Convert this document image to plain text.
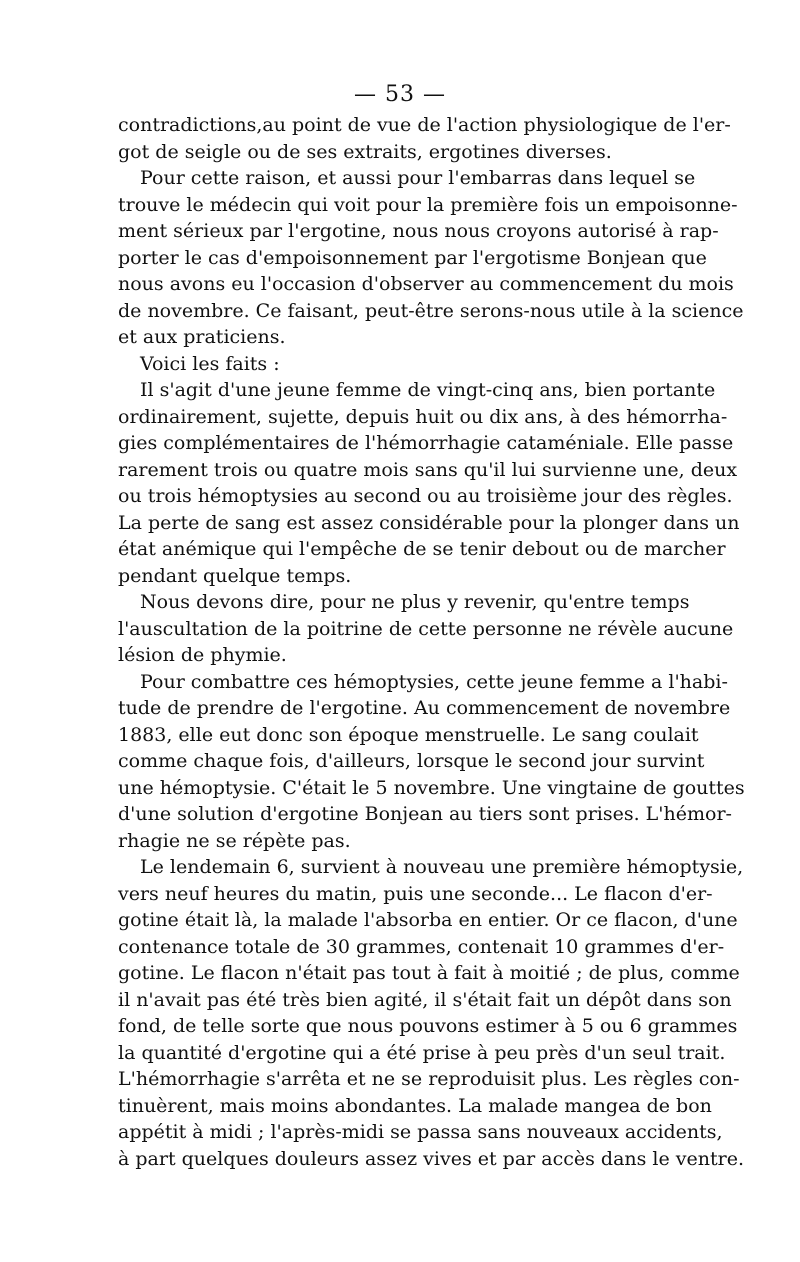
— 53 —
contradictions,au point de vue de l'action physiologique de l'er-
got de seigle ou de ses extraits, ergotines diverses.
Pour cette raison, et aussi pour l'embarras dans lequel se
trouve le médecin qui voit pour la première fois un empoisonne-
ment sérieux par l'ergotine, nous nous croyons autorisé à rap-
porter le cas d'empoisonnement par l'ergotisme Bonjean que
nous avons eu l'occasion d'observer au commencement du mois
de novembre. Ce faisant, peut-être serons-nous utile à la science
et aux praticiens.
Voici les faits :
Il s'agit d'une jeune femme de vingt-cinq ans, bien portante
ordinairement, sujette, depuis huit ou dix ans, à des hémorrha-
gies complémentaires de l'hémorrhagie cataméniale. Elle passe
rarement trois ou quatre mois sans qu'il lui survienne une, deux
ou trois hémoptysies au second ou au troisième jour des règles.
La perte de sang est assez considérable pour la plonger dans un
état anémique qui l'empêche de se tenir debout ou de marcher
pendant quelque temps.
Nous devons dire, pour ne plus y revenir, qu'entre temps
l'auscultation de la poitrine de cette personne ne révèle aucune
lésion de phymie.
Pour combattre ces hémoptysies, cette jeune femme a l'habi-
tude de prendre de l'ergotine. Au commencement de novembre
1883, elle eut donc son époque menstruelle. Le sang coulait
comme chaque fois, d'ailleurs, lorsque le second jour survint
une hémoptysie. C'était le 5 novembre. Une vingtaine de gouttes
d'une solution d'ergotine Bonjean au tiers sont prises. L'hémor-
rhagie ne se répète pas.
Le lendemain 6, survient à nouveau une première hémoptysie,
vers neuf heures du matin, puis une seconde... Le flacon d'er-
gotine était là, la malade l'absorba en entier. Or ce flacon, d'une
contenance totale de 30 grammes, contenait 10 grammes d'er-
gotine. Le flacon n'était pas tout à fait à moitié ; de plus, comme
il n'avait pas été très bien agité, il s'était fait un dépôt dans son
fond, de telle sorte que nous pouvons estimer à 5 ou 6 grammes
la quantité d'ergotine qui a été prise à peu près d'un seul trait.
L'hémorrhagie s'arrêta et ne se reproduisit plus. Les règles con-
tinuèrent, mais moins abondantes. La malade mangea de bon
appétit à midi ; l'après-midi se passa sans nouveaux accidents,
à part quelques douleurs assez vives et par accès dans le ventre.
